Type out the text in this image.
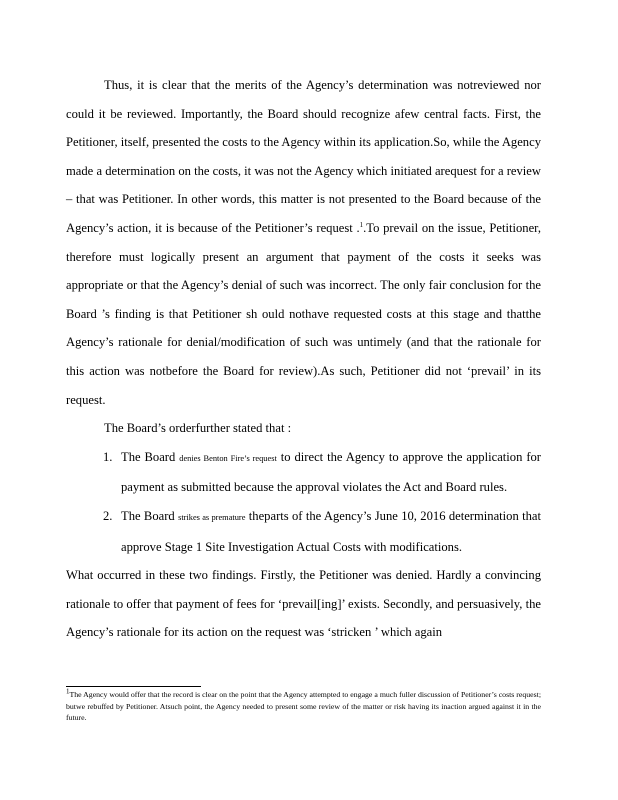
Thus, it is clear that the merits of the Agency’s determination was notreviewed nor could it be reviewed. Importantly, the Board should recognize afew central facts. First, the Petitioner, itself, presented the costs to the Agency within its application.So, while the Agency made a determination on the costs, it was not the Agency which initiated arequest for a review – that was Petitioner. In other words, this matter is not presented to the Board because of the Agency’s action, it is because of the Petitioner’s request .$^1$.To prevail on the issue, Petitioner, therefore must logically present an argument that payment of the costs it seeks was appropriate or that the Agency’s denial of such was incorrect. The only fair conclusion for the Board ’s finding is that Petitioner sh ould nothave requested costs at this stage and thatthe Agency’s rationale for denial/modification of such was untimely (and that the rationale for this action was notbefore the Board for review).As such, Petitioner did not ‘prevail’ in its request.

The Board’s orderfurther stated that :

1. The Board denies Benton Fire’s request to direct the Agency to approve the application for payment as submitted because the approval violates the Act and Board rules.
2. The Board strikes as premature theparts of the Agency’s June 10, 2016 determination that approve Stage 1 Site Investigation Actual Costs with modifications.

What occurred in these two findings. Firstly, the Petitioner was denied. Hardly a convincing rationale to offer that payment of fees for ‘prevail[ing]’ exists. Secondly, and persuasively, the Agency’s rationale for its action on the request was ‘stricken ’ which again

$^1$The Agency would offer that the record is clear on the point that the Agency attempted to engage a much fuller discussion of Petitioner’s costs request; butwe rebuffed by Petitioner. Atsuch point, the Agency needed to present some review of the matter or risk having its inaction argued against it in the future.
